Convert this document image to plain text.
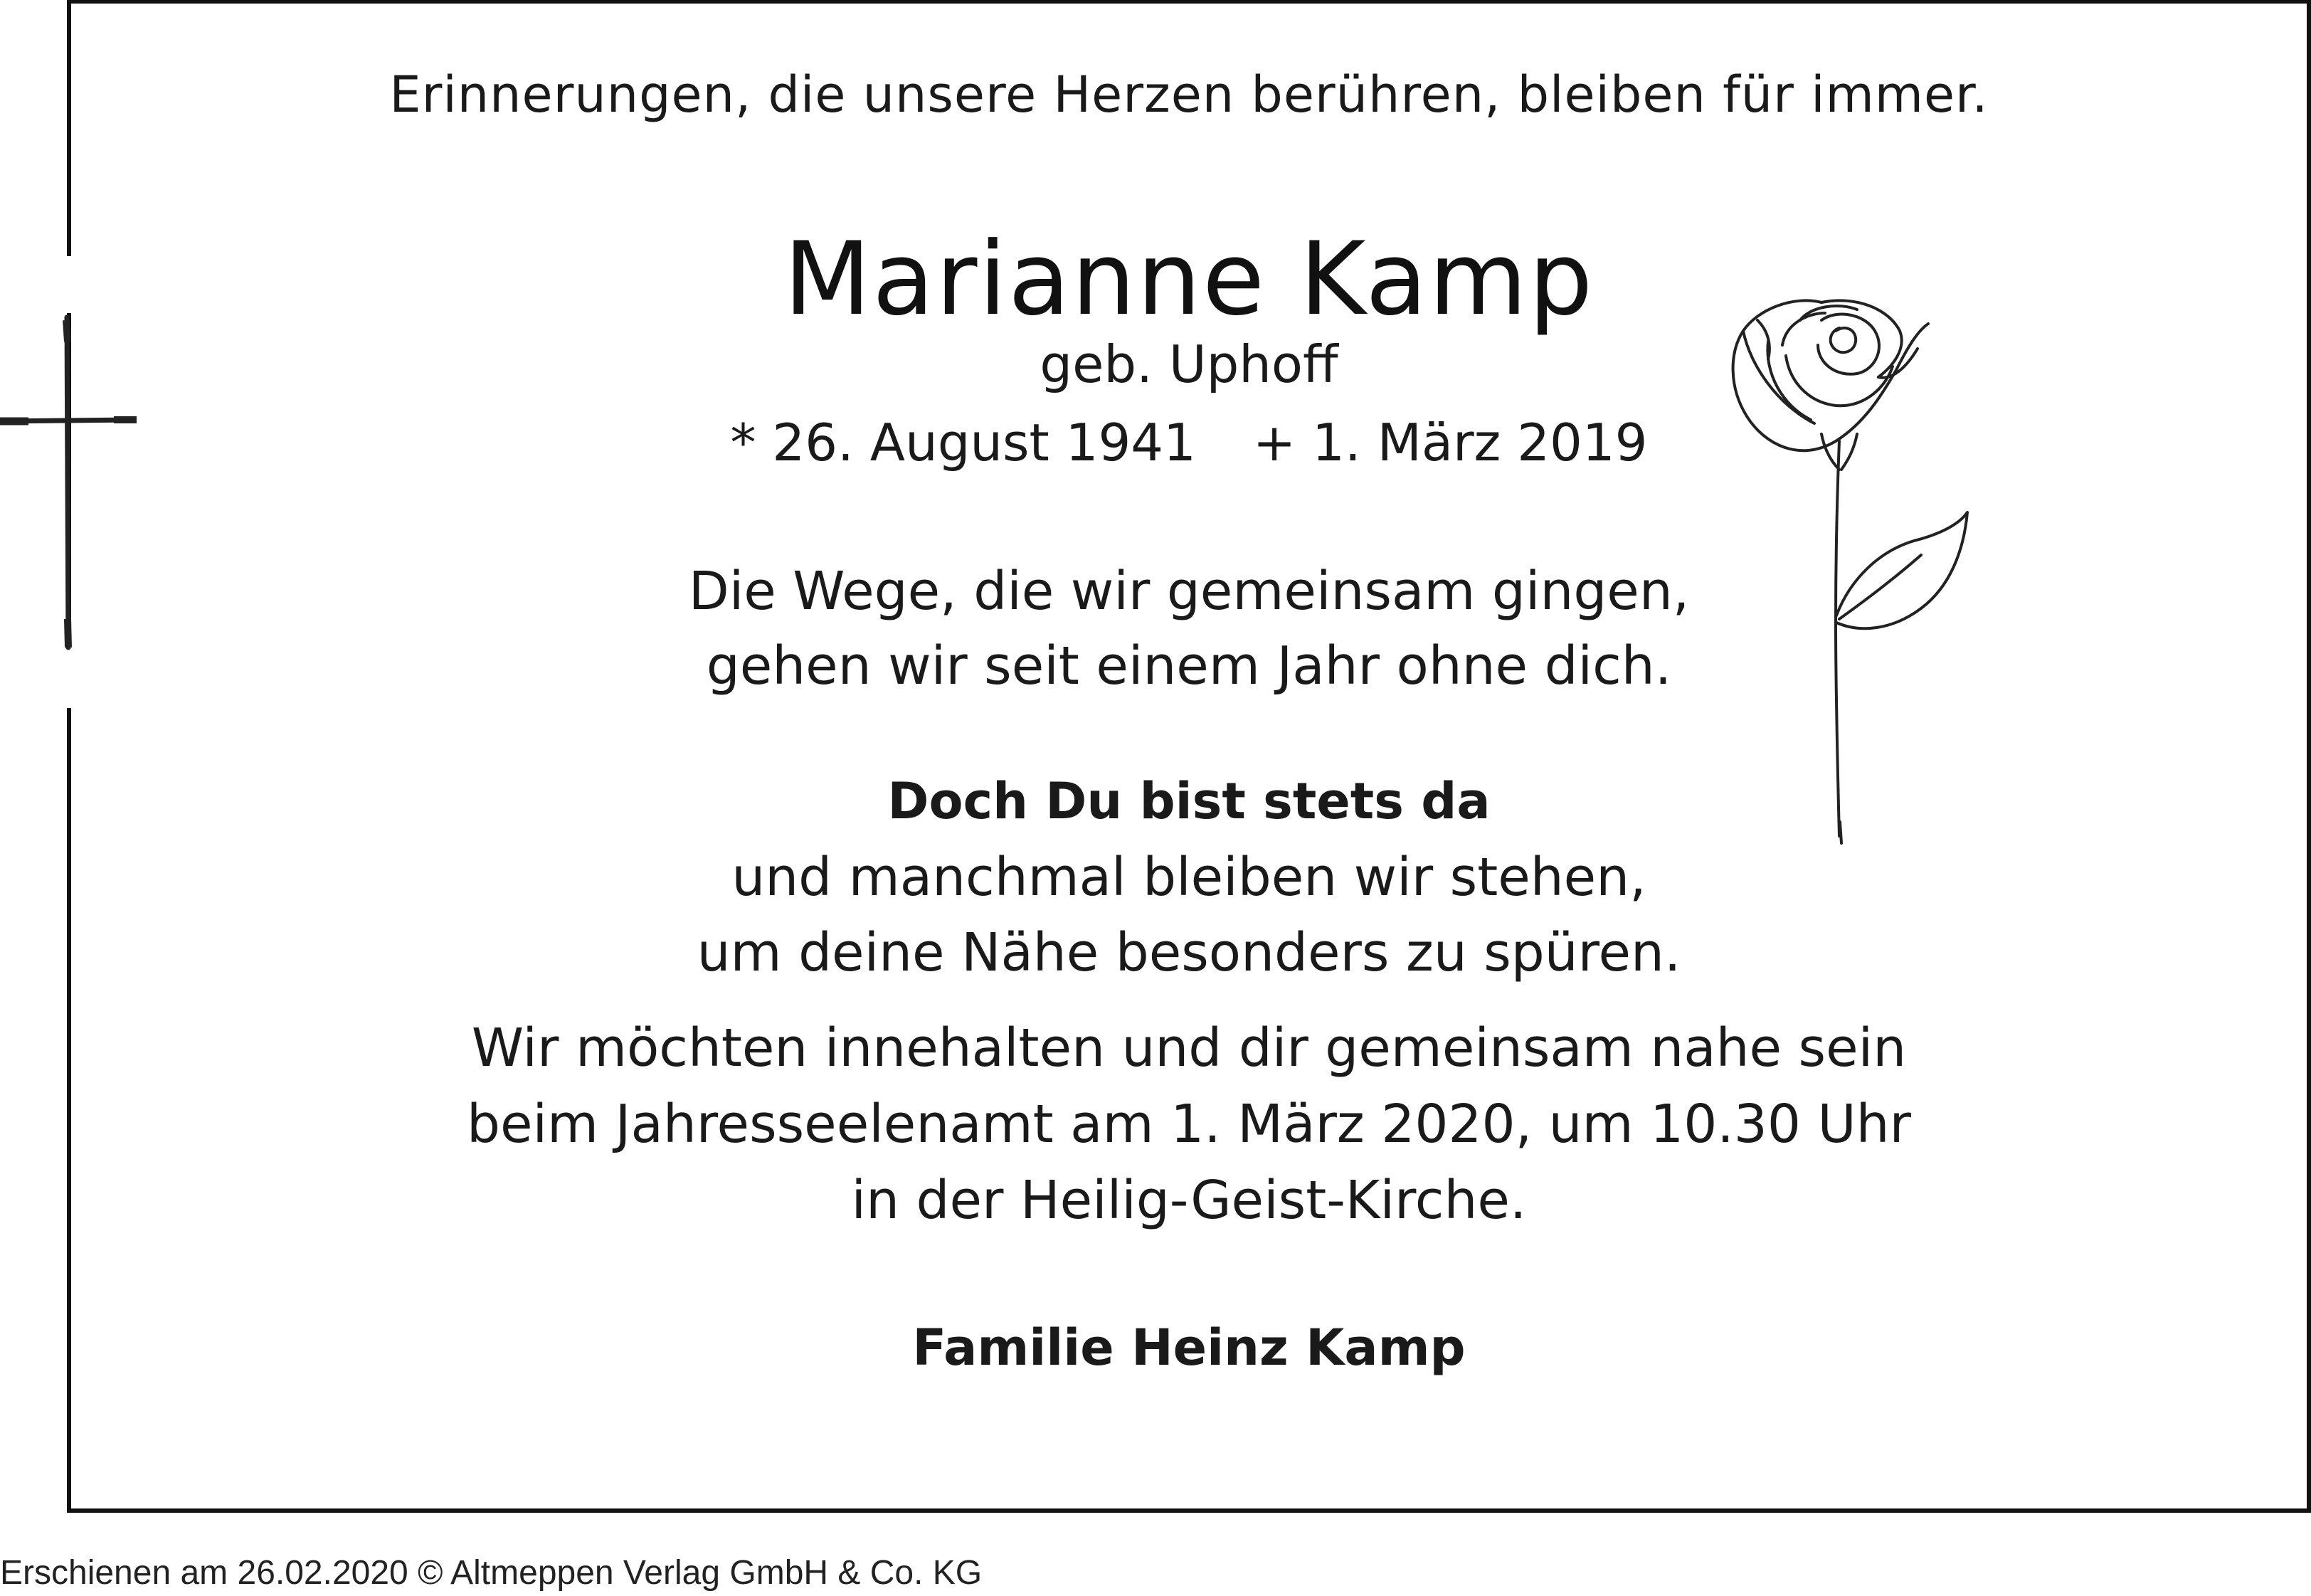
Erinnerungen, die unsere Herzen berühren, bleiben für immer.
Marianne Kamp
geb. Uphoff
* 26. August 1941 + 1. März 2019
Die Wege, die wir gemeinsam gingen,
gehen wir seit einem Jahr ohne dich.
Doch Du bist stets da
und manchmal bleiben wir stehen,
um deine Nähe besonders zu spüren.
Wir möchten innehalten und dir gemeinsam nahe sein
beim Jahresseelenamt am 1. März 2020, um 10.30 Uhr
in der Heilig-Geist-Kirche.
Familie Heinz Kamp
Erschienen am 26.02.2020 © Altmeppen Verlag GmbH & Co. KG
